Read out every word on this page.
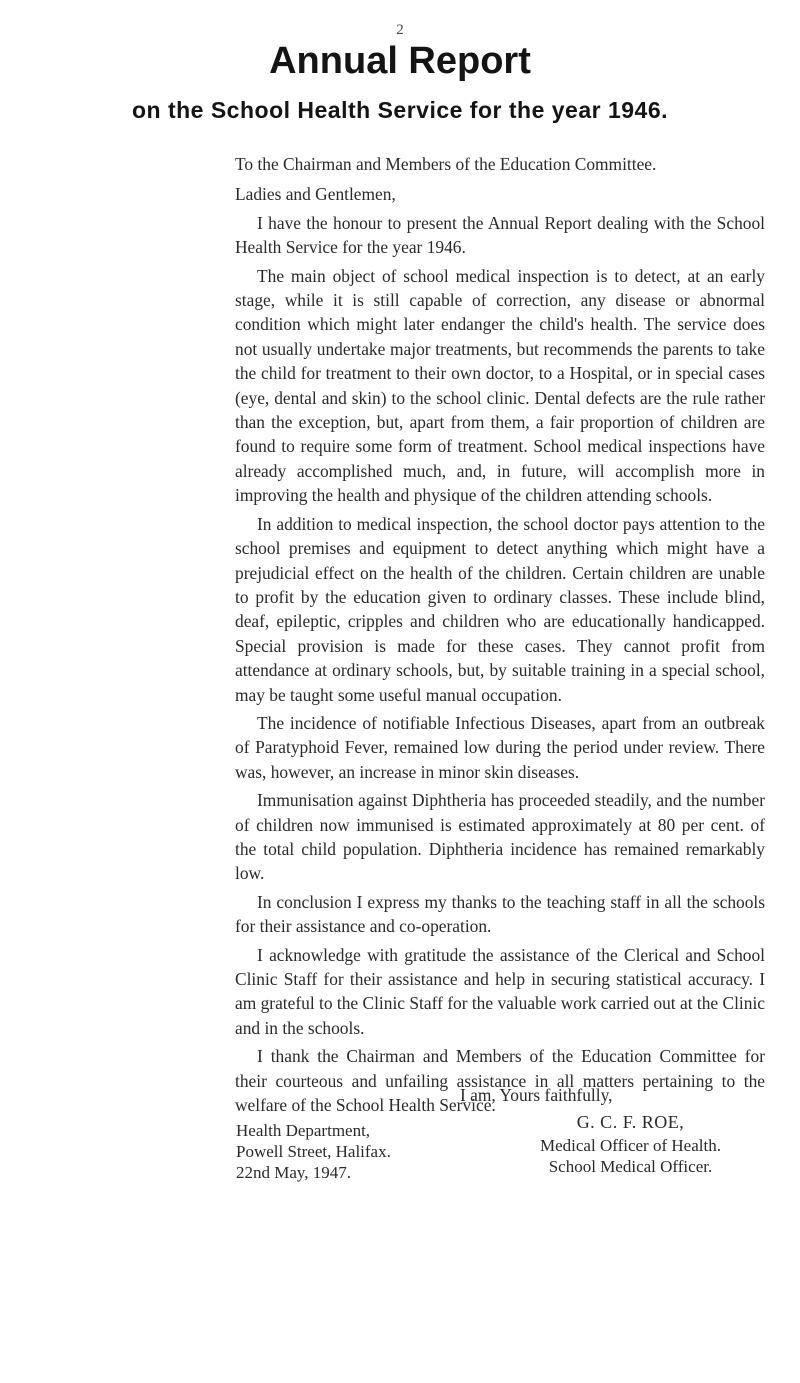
2
Annual Report
on the School Health Service for the year 1946.

To the Chairman and Members of the Education Committee.

Ladies and Gentlemen,

I have the honour to present the Annual Report dealing with the School Health Service for the year 1946.

The main object of school medical inspection is to detect, at an early stage, while it is still capable of correction, any disease or abnormal condition which might later endanger the child's health. The service does not usually undertake major treatments, but recommends the parents to take the child for treatment to their own doctor, to a Hospital, or in special cases (eye, dental and skin) to the school clinic. Dental defects are the rule rather than the exception, but, apart from them, a fair proportion of children are found to require some form of treatment. School medical inspections have already accomplished much, and, in future, will accomplish more in improving the health and physique of the children attending schools.

In addition to medical inspection, the school doctor pays attention to the school premises and equipment to detect anything which might have a prejudicial effect on the health of the children. Certain children are unable to profit by the education given to ordinary classes. These include blind, deaf, epileptic, cripples and children who are educationally handicapped. Special provision is made for these cases. They cannot profit from attendance at ordinary schools, but, by suitable training in a special school, may be taught some useful manual occupation.

The incidence of notifiable Infectious Diseases, apart from an outbreak of Paratyphoid Fever, remained low during the period under review. There was, however, an increase in minor skin diseases.

Immunisation against Diphtheria has proceeded steadily, and the number of children now immunised is estimated approximately at 80 per cent. of the total child population. Diphtheria incidence has remained remarkably low.

In conclusion I express my thanks to the teaching staff in all the schools for their assistance and co-operation.

I acknowledge with gratitude the assistance of the Clerical and School Clinic Staff for their assistance and help in securing statistical accuracy. I am grateful to the Clinic Staff for the valuable work carried out at the Clinic and in the schools.

I thank the Chairman and Members of the Education Committee for their courteous and unfailing assistance in all matters pertaining to the welfare of the School Health Service.

I am, Yours faithfully,
Health Department,
Powell Street, Halifax.
22nd May, 1947.
G. C. F. ROE,
Medical Officer of Health.
School Medical Officer.
